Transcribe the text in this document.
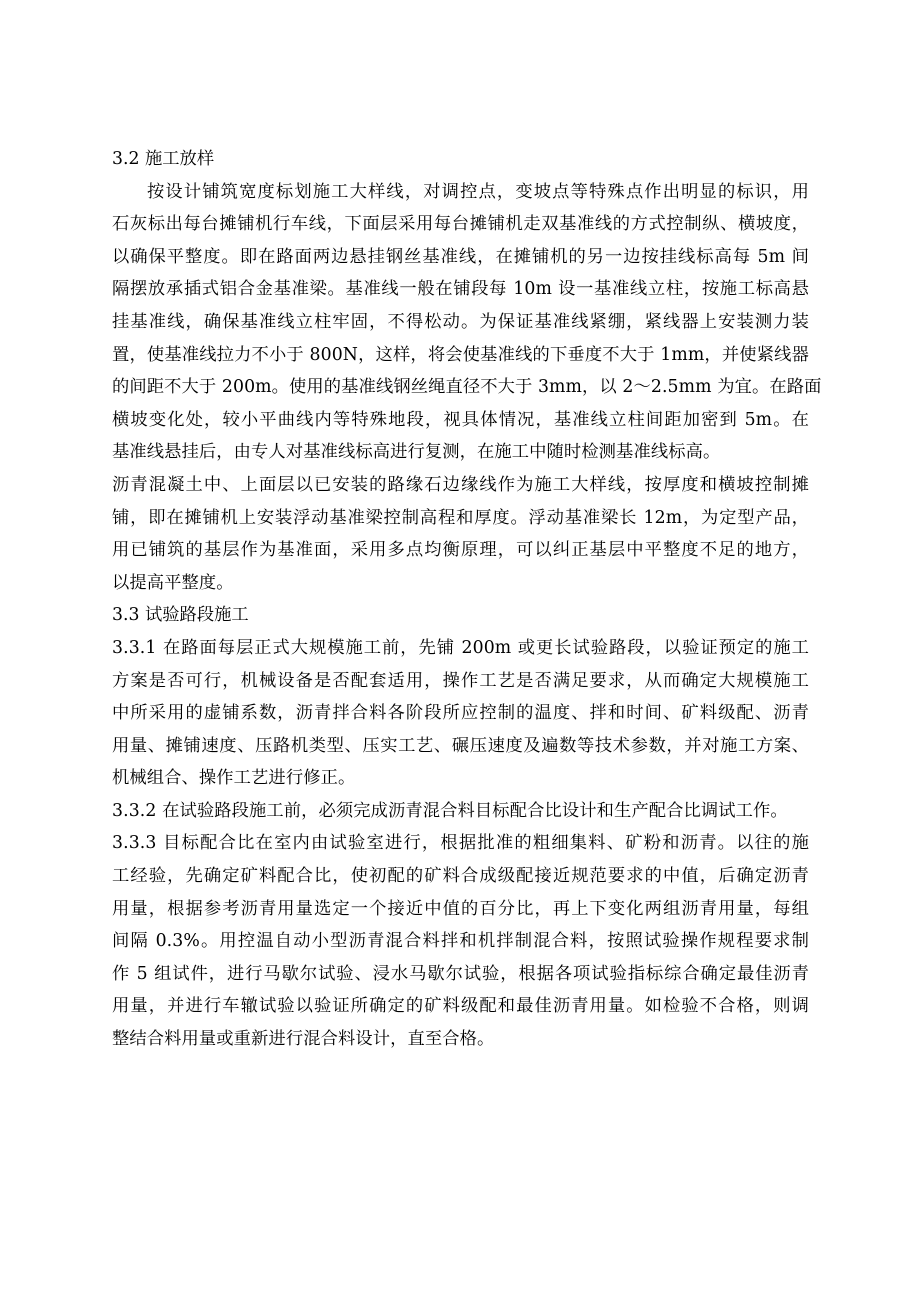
3.2 施工放样
按设计铺筑宽度标划施工大样线，对调控点，变坡点等特殊点作出明显的标识，用
石灰标出每台摊铺机行车线，下面层采用每台摊铺机走双基准线的方式控制纵、横坡度，
以确保平整度。即在路面两边悬挂钢丝基准线，在摊铺机的另一边按挂线标高每 5m 间
隔摆放承插式铝合金基准梁。基准线一般在铺段每 10m 设一基准线立柱，按施工标高悬
挂基准线，确保基准线立柱牢固，不得松动。为保证基准线紧绷，紧线器上安装测力装
置，使基准线拉力不小于 800N，这样，将会使基准线的下垂度不大于 1mm，并使紧线器
的间距不大于 200m。使用的基准线钢丝绳直径不大于 3mm，以 2～2.5mm 为宜。在路面
横坡变化处，较小平曲线内等特殊地段，视具体情况，基准线立柱间距加密到 5m。在
基准线悬挂后，由专人对基准线标高进行复测，在施工中随时检测基准线标高。
沥青混凝土中、上面层以已安装的路缘石边缘线作为施工大样线，按厚度和横坡控制摊
铺，即在摊铺机上安装浮动基准梁控制高程和厚度。浮动基准梁长 12m，为定型产品，
用已铺筑的基层作为基准面，采用多点均衡原理，可以纠正基层中平整度不足的地方，
以提高平整度。
3.3 试验路段施工
3.3.1 在路面每层正式大规模施工前，先铺 200m 或更长试验路段，以验证预定的施工
方案是否可行，机械设备是否配套适用，操作工艺是否满足要求，从而确定大规模施工
中所采用的虚铺系数，沥青拌合料各阶段所应控制的温度、拌和时间、矿料级配、沥青
用量、摊铺速度、压路机类型、压实工艺、碾压速度及遍数等技术参数，并对施工方案、
机械组合、操作工艺进行修正。
3.3.2 在试验路段施工前，必须完成沥青混合料目标配合比设计和生产配合比调试工作。
3.3.3 目标配合比在室内由试验室进行，根据批准的粗细集料、矿粉和沥青。以往的施
工经验，先确定矿料配合比，使初配的矿料合成级配接近规范要求的中值，后确定沥青
用量，根据参考沥青用量选定一个接近中值的百分比，再上下变化两组沥青用量，每组
间隔 0.3%。用控温自动小型沥青混合料拌和机拌制混合料，按照试验操作规程要求制
作 5 组试件，进行马歇尔试验、浸水马歇尔试验，根据各项试验指标综合确定最佳沥青
用量，并进行车辙试验以验证所确定的矿料级配和最佳沥青用量。如检验不合格，则调
整结合料用量或重新进行混合料设计，直至合格。
